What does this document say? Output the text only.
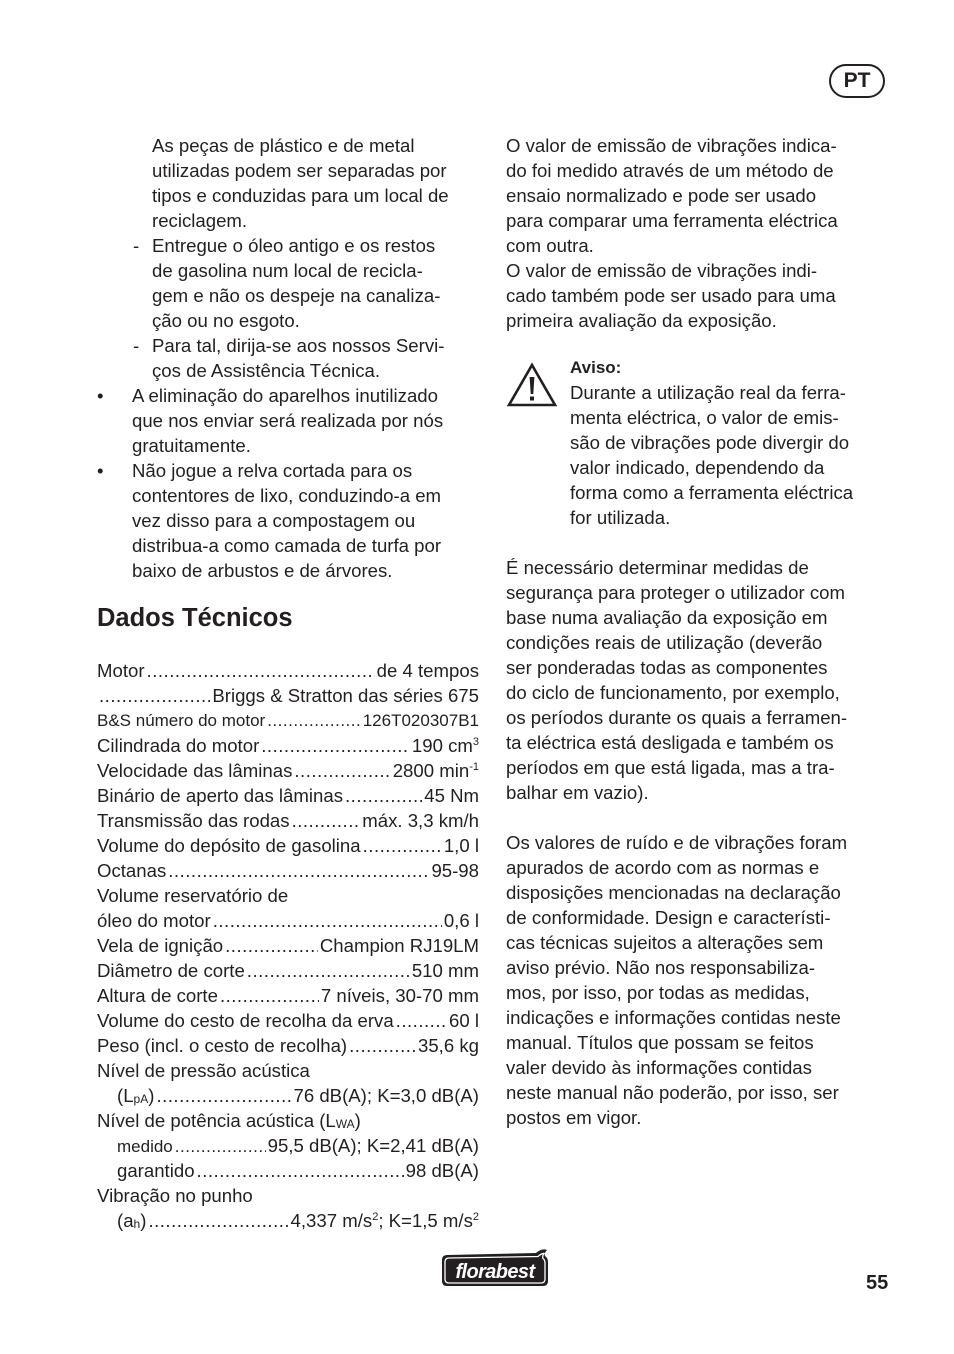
PT
As peças de plástico e de metal
utilizadas podem ser separadas por
tipos e conduzidas para um local de
reciclagem.
- Entregue o óleo antigo e os restos
de gasolina num local de recicla-
gem e não os despeje na canaliza-
ção ou no esgoto.
- Para tal, dirija-se aos nossos Servi-
ços de Assistência Técnica.
•	A eliminação do aparelhos inutilizado
que nos enviar será realizada por nós
gratuitamente.
•	Não jogue a relva cortada para os
contentores de lixo, conduzindo-a em
vez disso para a compostagem ou
distribua-a como camada de turfa por
baixo de arbustos e de árvores.
Dados Técnicos
Motor .....	de 4 tempos
.....
Briggs & Stratton das séries 675
B&S número do motor .....	126T020307B1
Cilindrada do motor .....	190 $cm^3$
Velocidade das lâminas .....	2800 $\min^{-1}$
Binário de aperto das lâminas .....	45 Nm
Transmissão das rodas .....	máx. 3,3 km/h
Volume do depósito de gasolina .....	1,0 l
Octanas .....	95-98
Volume reservatório de
óleo do motor .....	0,6 l
Vela de ignição .....	Champion RJ19LM
Diâmetro de corte .....	510 mm
Altura de corte .....	7 níveis, 30-70 mm
Volume do cesto de recolha da erva .....	60 l
Peso (incl. o cesto de recolha) .....	35,6 kg
Nível de pressão acústica
(LpA) .....	76 dB(A); K=3,0 dB(A)
Nível de potência acústica (LWA)
medido .....	95,5 dB(A); K=2,41 dB(A)
garantido .....	98 dB(A)
Vibração no punho
(ah) .....	4,337 $m/s^2$; K=1,5 $m/s^2$
O valor de emissão de vibrações indica-
do foi medido através de um método de
ensaio normalizado e pode ser usado
para comparar uma ferramenta eléctrica
com outra.
O valor de emissão de vibrações indi-
cado também pode ser usado para uma
primeira avaliação da exposição.
Aviso:
Durante a utilização real da ferra-
menta eléctrica, o valor de emis-
são de vibrações pode divergir do
valor indicado, dependendo da
forma como a ferramenta eléctrica
for utilizada.
É necessário determinar medidas de
segurança para proteger o utilizador com
base numa avaliação da exposição em
condições reais de utilização (deverão
ser ponderadas todas as componentes
do ciclo de funcionamento, por exemplo,
os períodos durante os quais a ferramen-
ta eléctrica está desligada e também os
períodos em que está ligada, mas a tra-
balhar em vazio).
Os valores de ruído e de vibrações foram
apurados de acordo com as normas e
disposições mencionadas na declaração
de conformidade. Design e característi-
cas técnicas sujeitos a alterações sem
aviso prévio. Não nos responsabiliza-
mos, por isso, por todas as medidas,
indicações e informações contidas neste
manual. Títulos que possam se feitos
valer devido às informações contidas
neste manual não poderão, por isso, ser
postos em vigor.
florabest	55
